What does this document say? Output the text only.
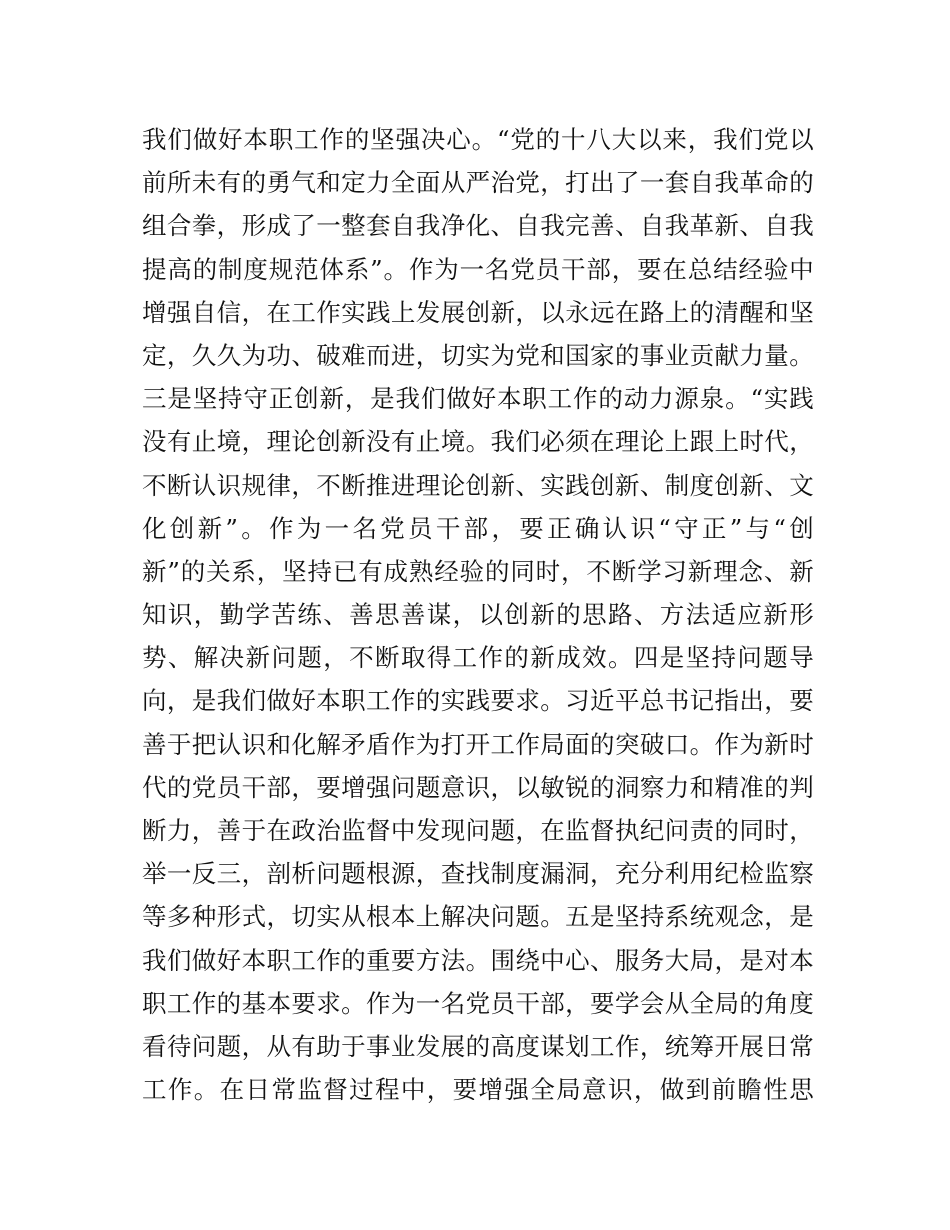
我们做好本职工作的坚强决心。“党的十八大以来，我们党以
前所未有的勇气和定力全面从严治党，打出了一套自我革命的
组合拳，形成了一整套自我净化、自我完善、自我革新、自我
提高的制度规范体系”。作为一名党员干部，要在总结经验中
增强自信，在工作实践上发展创新，以永远在路上的清醒和坚
定，久久为功、破难而进，切实为党和国家的事业贡献力量。
三是坚持守正创新，是我们做好本职工作的动力源泉。“实践
没有止境，理论创新没有止境。我们必须在理论上跟上时代，
不断认识规律，不断推进理论创新、实践创新、制度创新、文
化创新”。作为一名党员干部，要正确认识“守正”与“创
新”的关系，坚持已有成熟经验的同时，不断学习新理念、新
知识，勤学苦练、善思善谋，以创新的思路、方法适应新形
势、解决新问题，不断取得工作的新成效。四是坚持问题导
向，是我们做好本职工作的实践要求。习近平总书记指出，要
善于把认识和化解矛盾作为打开工作局面的突破口。作为新时
代的党员干部，要增强问题意识，以敏锐的洞察力和精准的判
断力，善于在政治监督中发现问题，在监督执纪问责的同时，
举一反三，剖析问题根源，查找制度漏洞，充分利用纪检监察
等多种形式，切实从根本上解决问题。五是坚持系统观念，是
我们做好本职工作的重要方法。围绕中心、服务大局，是对本
职工作的基本要求。作为一名党员干部，要学会从全局的角度
看待问题，从有助于事业发展的高度谋划工作，统筹开展日常
工作。在日常监督过程中，要增强全局意识，做到前瞻性思
